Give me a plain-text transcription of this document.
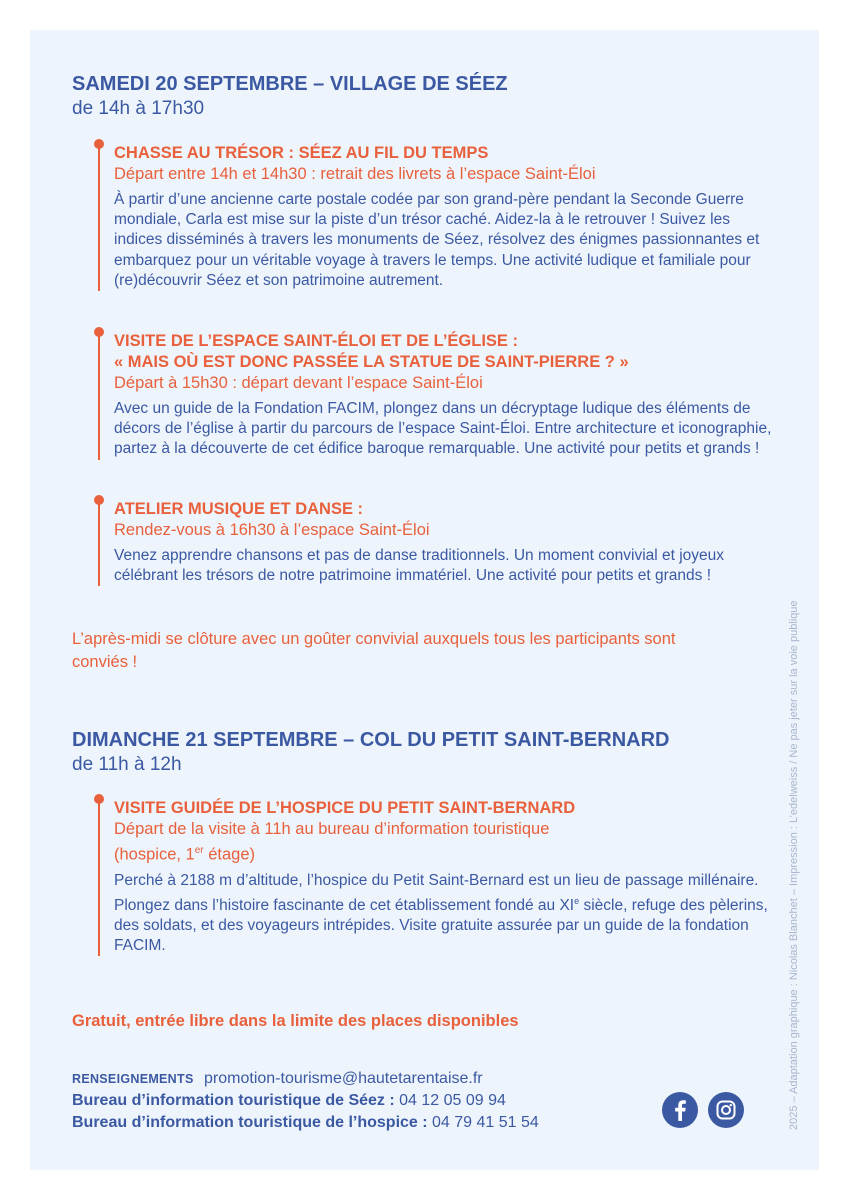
SAMEDI 20 SEPTEMBRE – VILLAGE DE SÉEZ

de 14h à 17h30

CHASSE AU TRÉSOR : SÉEZ AU FIL DU TEMPS

Départ entre 14h et 14h30 : retrait des livrets à l’espace Saint-Éloi

À partir d’une ancienne carte postale codée par son grand-père pendant la Seconde Guerre mondiale, Carla est mise sur la piste d’un trésor caché. Aidez-la à le retrouver ! Suivez les indices disséminés à travers les monuments de Séez, résolvez des énigmes passionnantes et embarquez pour un véritable voyage à travers le temps. Une activité ludique et familiale pour (re)découvrir Séez et son patrimoine autrement.

VISITE DE L’ESPACE SAINT-ÉLOI ET DE L’ÉGLISE :

« MAIS OÙ EST DONC PASSÉE LA STATUE DE SAINT-PIERRE ? »

Départ à 15h30 : départ devant l’espace Saint-Éloi

Avec un guide de la Fondation FACIM, plongez dans un décryptage ludique des éléments de décors de l’église à partir du parcours de l’espace Saint-Éloi. Entre architecture et iconographie, partez à la découverte de cet édifice baroque remarquable. Une activité pour petits et grands !

ATELIER MUSIQUE ET DANSE :

Rendez-vous à 16h30 à l’espace Saint-Éloi

Venez apprendre chansons et pas de danse traditionnels. Un moment convivial et joyeux célébrant les trésors de notre patrimoine immatériel. Une activité pour petits et grands !

L’après-midi se clôture avec un goûter convivial auxquels tous les participants sont conviés !

DIMANCHE 21 SEPTEMBRE – COL DU PETIT SAINT-BERNARD

de 11h à 12h

VISITE GUIDÉE DE L’HOSPICE DU PETIT SAINT-BERNARD

Départ de la visite à 11h au bureau d’information touristique

(hospice, 1er étage)

Perché à 2188 m d’altitude, l’hospice du Petit Saint-Bernard est un lieu de passage millénaire. Plongez dans l’histoire fascinante de cet établissement fondé au XIe siècle, refuge des pèlerins, des soldats, et des voyageurs intrépides. Visite gratuite assurée par un guide de la fondation FACIM.

Gratuit, entrée libre dans la limite des places disponibles

RENSEIGNEMENTS promotion-tourisme@hautetarentaise.fr
Bureau d’information touristique de Séez : 04 12 05 09 94
Bureau d’information touristique de l’hospice : 04 79 41 51 54	2025 – Adaptation graphique : Nicolas Blanchet – Impression : L’edelweiss / Ne pas jeter sur la voie publique
